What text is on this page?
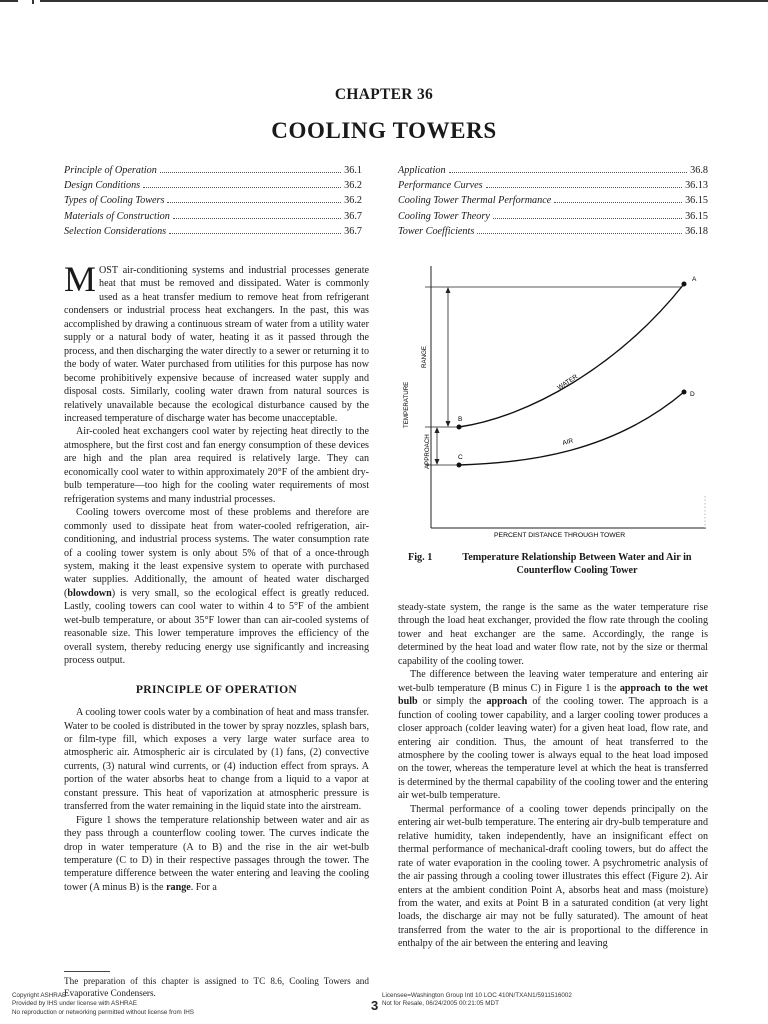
CHAPTER 36
COOLING TOWERS
Principle of Operation	36.1
Design Conditions	36.2
Types of Cooling Towers	36.2
Materials of Construction	36.7
Selection Considerations	36.7
Application	36.8
Performance Curves	36.13
Cooling Tower Thermal Performance	36.15
Cooling Tower Theory	36.15
Tower Coefficients	36.18

MOST air-conditioning systems and industrial processes generate heat that must be removed and dissipated. Water is commonly used as a heat transfer medium to remove heat from refrigerant condensers or industrial process heat exchangers. In the past, this was accomplished by drawing a continuous stream of water from a utility water supply or a natural body of water, heating it as it passed through the process, and then discharging the water directly to a sewer or returning it to the body of water. Water purchased from utilities for this purpose has now become prohibitively expensive because of increased water supply and disposal costs. Similarly, cooling water drawn from natural sources is relatively unavailable because the ecological disturbance caused by the increased temperature of discharge water has become unacceptable.

Air-cooled heat exchangers cool water by rejecting heat directly to the atmosphere, but the first cost and fan energy consumption of these devices are high and the plan area required is relatively large. They can economically cool water to within approximately 20°F of the ambient dry-bulb temperature—too high for the cooling water requirements of most refrigeration systems and many industrial processes.

Cooling towers overcome most of these problems and therefore are commonly used to dissipate heat from water-cooled refrigeration, air-conditioning, and industrial process systems. The water consumption rate of a cooling tower system is only about 5% of that of a once-through system, making it the least expensive system to operate with purchased water supplies. Additionally, the amount of heated water discharged (blowdown) is very small, so the ecological effect is greatly reduced. Lastly, cooling towers can cool water to within 4 to 5°F of the ambient wet-bulb temperature, or about 35°F lower than can air-cooled systems of reasonable size. This lower temperature improves the efficiency of the overall system, thereby reducing energy use significantly and increasing process output.

PRINCIPLE OF OPERATION

A cooling tower cools water by a combination of heat and mass transfer. Water to be cooled is distributed in the tower by spray nozzles, splash bars, or film-type fill, which exposes a very large water surface area to atmospheric air. Atmospheric air is circulated by (1) fans, (2) convective currents, (3) natural wind currents, or (4) induction effect from sprays. A portion of the water absorbs heat to change from a liquid to a vapor at constant pressure. This heat of vaporization at atmospheric pressure is transferred from the water remaining in the liquid state into the airstream.

Figure 1 shows the temperature relationship between water and air as they pass through a counterflow cooling tower. The curves indicate the drop in water temperature (A to B) and the rise in the air wet-bulb temperature (C to D) in their respective passages through the tower. The temperature difference between the water entering and leaving the cooling tower (A minus B) is the range. For a

The preparation of this chapter is assigned to TC 8.6, Cooling Towers and Evaporative Condensers.
A
D
B
C
WATER
AIR
RANGE
TEMPERATURE
APPROACH
PERCENT DISTANCE THROUGH TOWER
Fig. 1	Temperature Relationship Between Water and Air in Counterflow Cooling Tower

steady-state system, the range is the same as the water temperature rise through the load heat exchanger, provided the flow rate through the cooling tower and heat exchanger are the same. Accordingly, the range is determined by the heat load and water flow rate, not by the size or thermal capability of the cooling tower.

The difference between the leaving water temperature and entering air wet-bulb temperature (B minus C) in Figure 1 is the approach to the wet bulb or simply the approach of the cooling tower. The approach is a function of cooling tower capability, and a larger cooling tower produces a closer approach (colder leaving water) for a given heat load, flow rate, and entering air condition. Thus, the amount of heat transferred to the atmosphere by the cooling tower is always equal to the heat load imposed on the tower, whereas the temperature level at which the heat is transferred is determined by the thermal capability of the cooling tower and the entering air wet-bulb temperature.

Thermal performance of a cooling tower depends principally on the entering air wet-bulb temperature. The entering air dry-bulb temperature and relative humidity, taken independently, have an insignificant effect on thermal performance of mechanical-draft cooling towers, but do affect the rate of water evaporation in the cooling tower. A psychrometric analysis of the air passing through a cooling tower illustrates this effect (Figure 2). Air enters at the ambient condition Point A, absorbs heat and mass (moisture) from the water, and exits at Point B in a saturated condition (at very light loads, the discharge air may not be fully saturated). The amount of heat transferred from the water to the air is proportional to the difference in enthalpy of the air between the entering and leaving

Copyright ASHRAE
Provided by IHS under license with ASHRAE
No reproduction or networking permitted without license from IHS	3
Licensee=Washington Group Intl 10 LOC 410N/TXAN1/5911516002
Not for Resale, 06/24/2005 00:21:05 MDT
